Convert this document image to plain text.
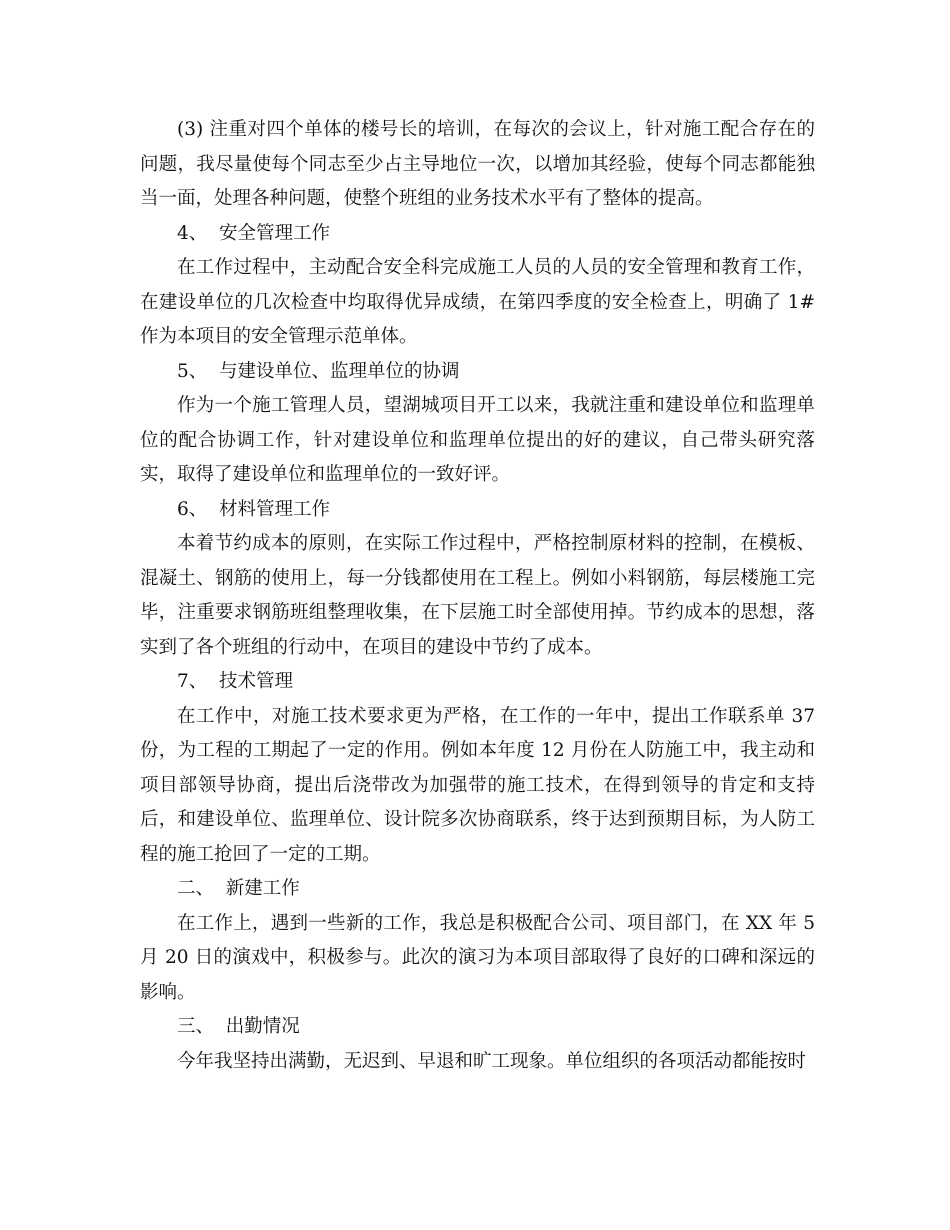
(3) 注重对四个单体的楼号长的培训，在每次的会议上，针对施工配合存在的问题，我尽量使每个同志至少占主导地位一次，以增加其经验，使每个同志都能独当一面，处理各种问题，使整个班组的业务技术水平有了整体的提高。

4、  安全管理工作

在工作过程中，主动配合安全科完成施工人员的人员的安全管理和教育工作，在建设单位的几次检查中均取得优异成绩，在第四季度的安全检查上，明确了 1#作为本项目的安全管理示范单体。

5、  与建设单位、监理单位的协调

作为一个施工管理人员，望湖城项目开工以来，我就注重和建设单位和监理单位的配合协调工作，针对建设单位和监理单位提出的好的建议，自己带头研究落实，取得了建设单位和监理单位的一致好评。

6、  材料管理工作

本着节约成本的原则，在实际工作过程中，严格控制原材料的控制，在模板、混凝土、钢筋的使用上，每一分钱都使用在工程上。例如小料钢筋，每层楼施工完毕，注重要求钢筋班组整理收集，在下层施工时全部使用掉。节约成本的思想，落实到了各个班组的行动中，在项目的建设中节约了成本。

7、  技术管理

在工作中，对施工技术要求更为严格，在工作的一年中，提出工作联系单 37份，为工程的工期起了一定的作用。例如本年度 12 月份在人防施工中，我主动和项目部领导协商，提出后浇带改为加强带的施工技术，在得到领导的肯定和支持后，和建设单位、监理单位、设计院多次协商联系，终于达到预期目标，为人防工程的施工抢回了一定的工期。

二、  新建工作

在工作上，遇到一些新的工作，我总是积极配合公司、项目部门，在 XX 年 5月 20 日的演戏中，积极参与。此次的演习为本项目部取得了良好的口碑和深远的影响。

三、  出勤情况

今年我坚持出满勤，无迟到、早退和旷工现象。单位组织的各项活动都能按时
